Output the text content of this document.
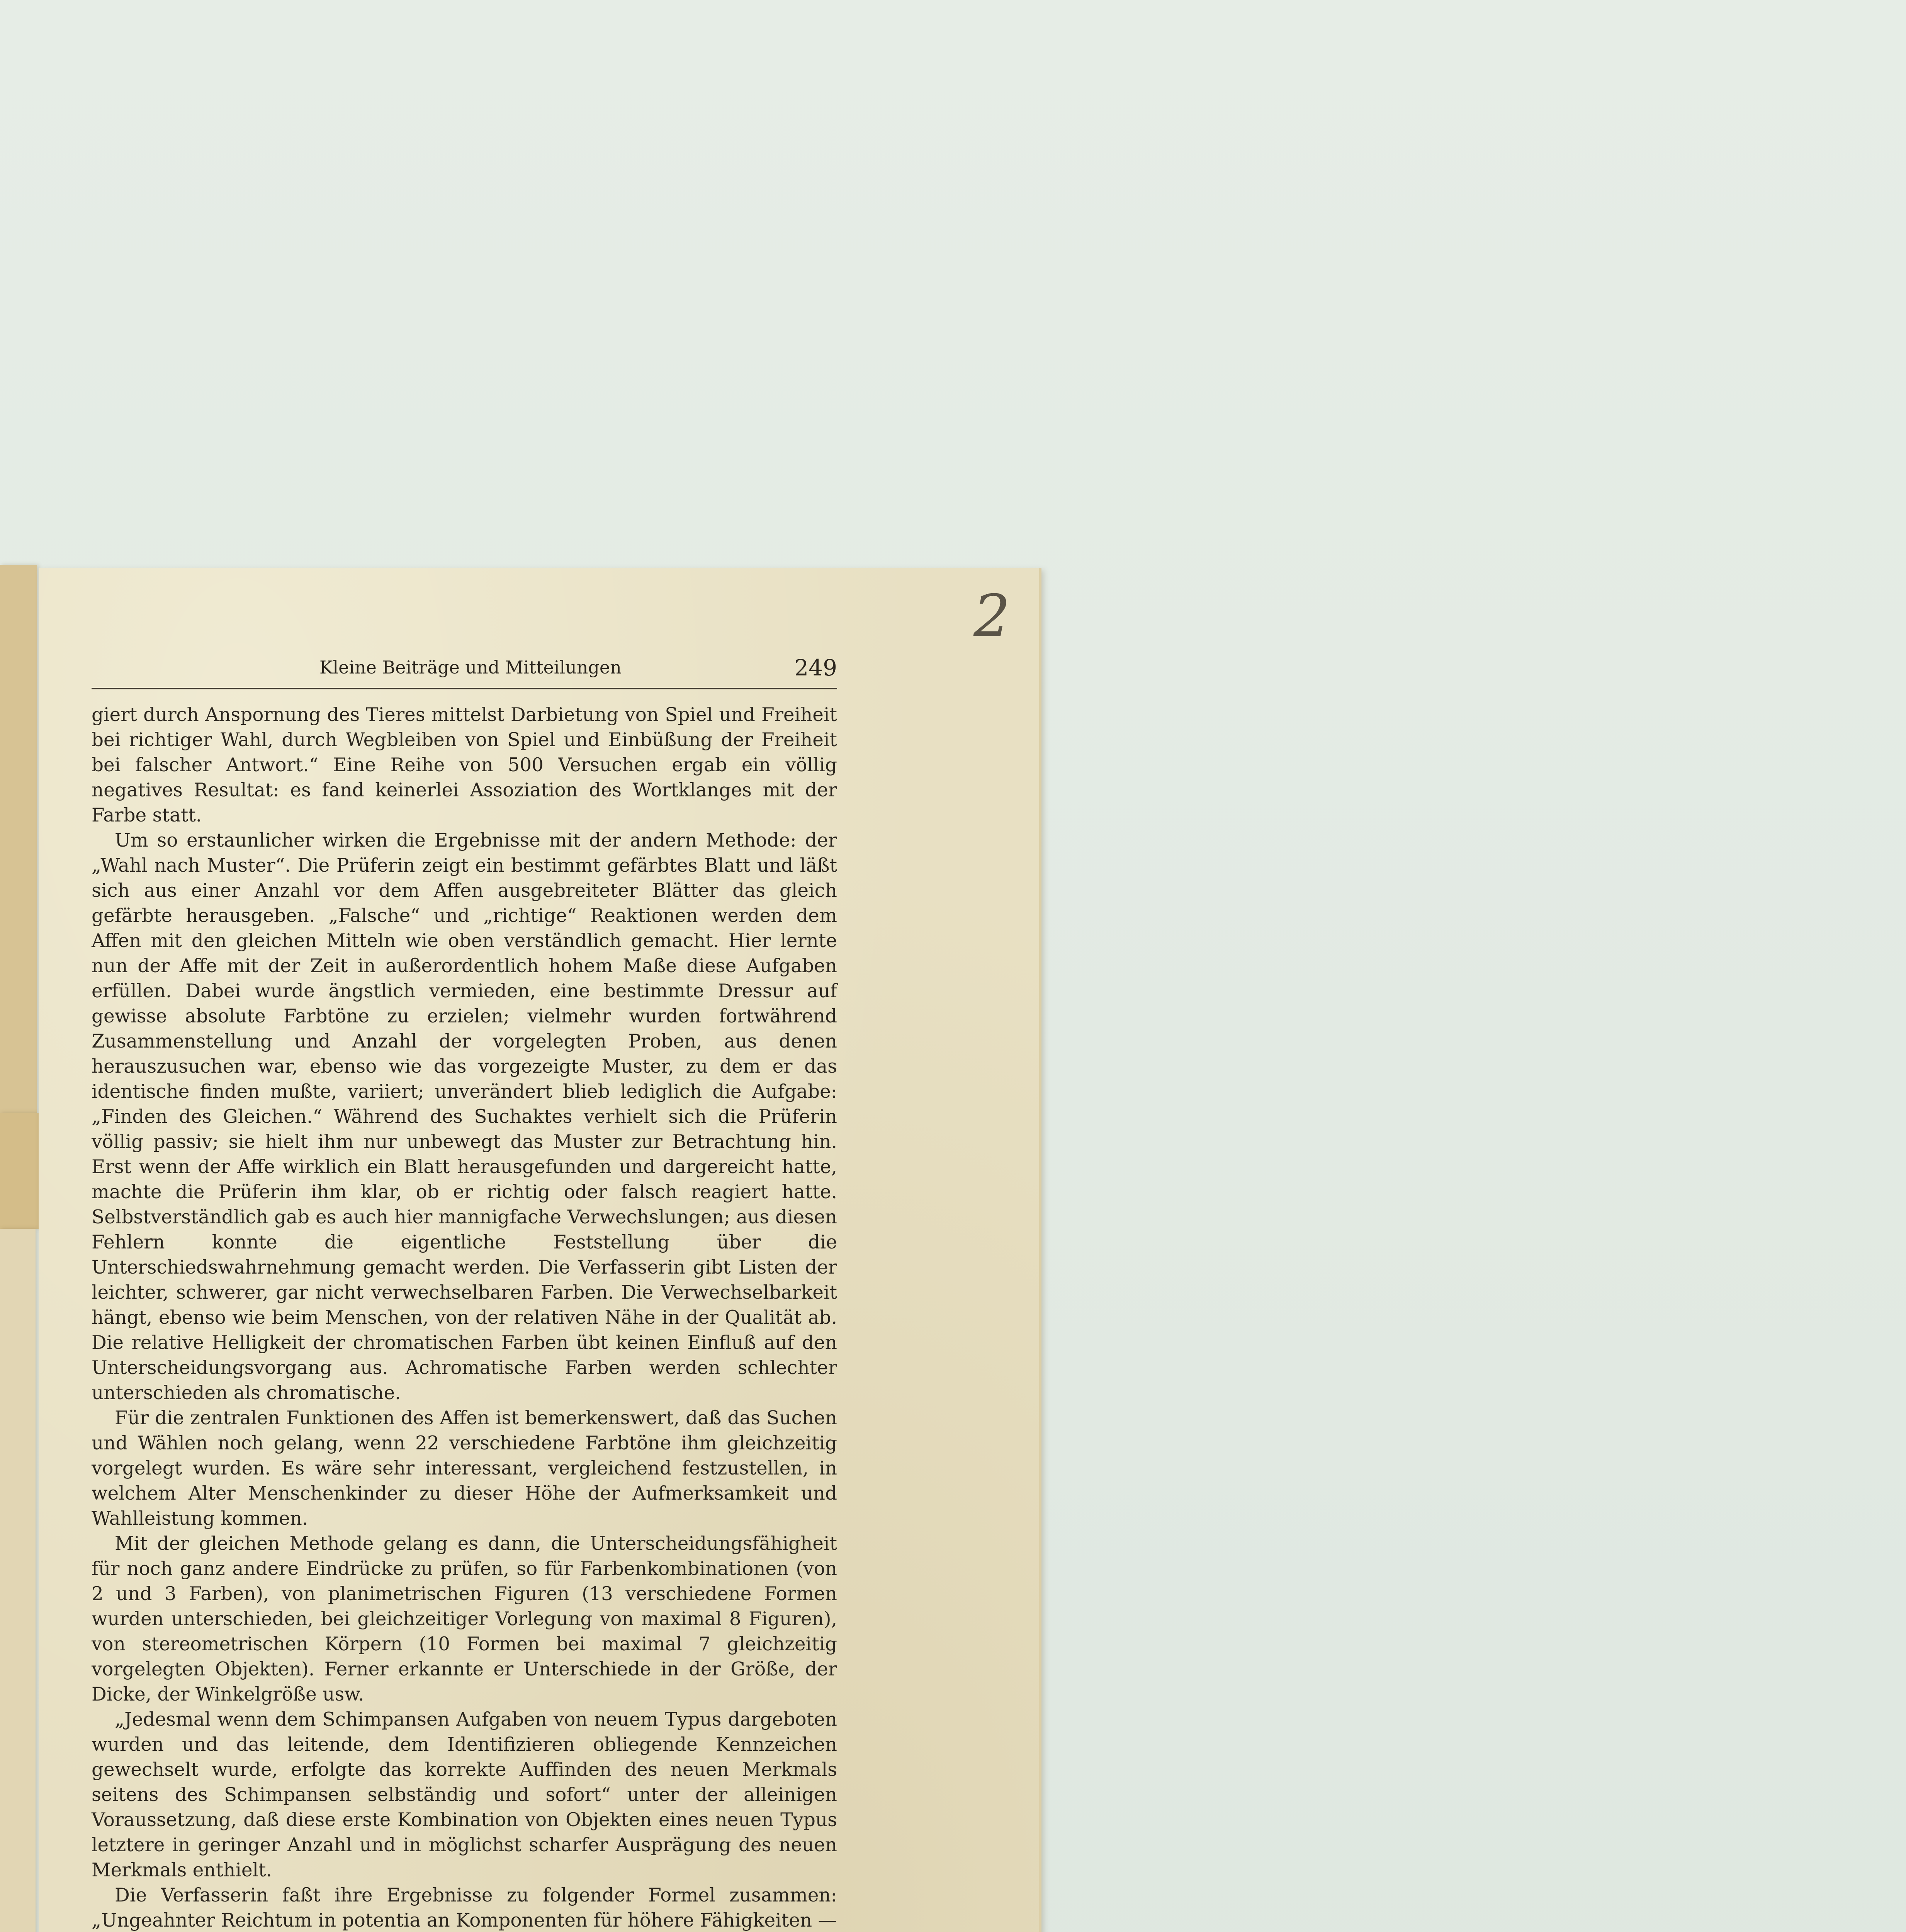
2
Kleine Beiträge und Mitteilungen	249

giert durch Anspornung des Tieres mittelst Darbietung von Spiel und Freiheit bei richtiger Wahl, durch Wegbleiben von Spiel und Einbüßung der Freiheit bei falscher Antwort.“ Eine Reihe von 500 Versuchen ergab ein völlig negatives Resultat: es fand keinerlei Assoziation des Wortklanges mit der Farbe statt.

Um so erstaunlicher wirken die Ergebnisse mit der andern Methode: der „Wahl nach Muster“. Die Prüferin zeigt ein bestimmt gefärbtes Blatt und läßt sich aus einer Anzahl vor dem Affen ausgebreiteter Blätter das gleich gefärbte herausgeben. „Falsche“ und „richtige“ Reaktionen werden dem Affen mit den gleichen Mitteln wie oben verständlich gemacht. Hier lernte nun der Affe mit der Zeit in außerordentlich hohem Maße diese Aufgaben erfüllen. Dabei wurde ängstlich vermieden, eine bestimmte Dressur auf gewisse absolute Farbtöne zu erzielen; vielmehr wurden fortwährend Zusammenstellung und Anzahl der vorgelegten Proben, aus denen herauszusuchen war, ebenso wie das vorgezeigte Muster, zu dem er das identische finden mußte, variiert; unverändert blieb lediglich die Aufgabe: „Finden des Gleichen.“ Während des Suchaktes verhielt sich die Prüferin völlig passiv; sie hielt ihm nur unbewegt das Muster zur Betrachtung hin. Erst wenn der Affe wirklich ein Blatt herausgefunden und dargereicht hatte, machte die Prüferin ihm klar, ob er richtig oder falsch reagiert hatte. Selbstverständlich gab es auch hier mannigfache Verwechslungen; aus diesen Fehlern konnte die eigentliche Feststellung über die Unterschiedswahrnehmung gemacht werden. Die Verfasserin gibt Listen der leichter, schwerer, gar nicht verwechselbaren Farben. Die Verwechselbarkeit hängt, ebenso wie beim Menschen, von der relativen Nähe in der Qualität ab. Die relative Helligkeit der chromatischen Farben übt keinen Einfluß auf den Unterscheidungsvorgang aus. Achromatische Farben werden schlechter unterschieden als chromatische.

Für die zentralen Funktionen des Affen ist bemerkenswert, daß das Suchen und Wählen noch gelang, wenn 22 verschiedene Farbtöne ihm gleichzeitig vorgelegt wurden. Es wäre sehr interessant, vergleichend festzustellen, in welchem Alter Menschenkinder zu dieser Höhe der Aufmerksamkeit und Wahlleistung kommen.

Mit der gleichen Methode gelang es dann, die Unterscheidungsfähigheit für noch ganz andere Eindrücke zu prüfen, so für Farbenkombinationen (von 2 und 3 Farben), von planimetrischen Figuren (13 verschiedene Formen wurden unterschieden, bei gleichzeitiger Vorlegung von maximal 8 Figuren), von stereometrischen Körpern (10 Formen bei maximal 7 gleichzeitig vorgelegten Objekten). Ferner erkannte er Unterschiede in der Größe, der Dicke, der Winkelgröße usw.

„Jedesmal wenn dem Schimpansen Aufgaben von neuem Typus dargeboten wurden und das leitende, dem Identifizieren obliegende Kennzeichen gewechselt wurde, erfolgte das korrekte Auffinden des neuen Merkmals seitens des Schimpansen selbständig und sofort“ unter der alleinigen Voraussetzung, daß diese erste Kombination von Objekten eines neuen Typus letztere in geringer Anzahl und in möglichst scharfer Ausprägung des neuen Merkmals enthielt.

Die Verfasserin faßt ihre Ergebnisse zu folgender Formel zusammen: „Ungeahnter Reichtum in potentia an Komponenten für höhere Fähigkeiten —
